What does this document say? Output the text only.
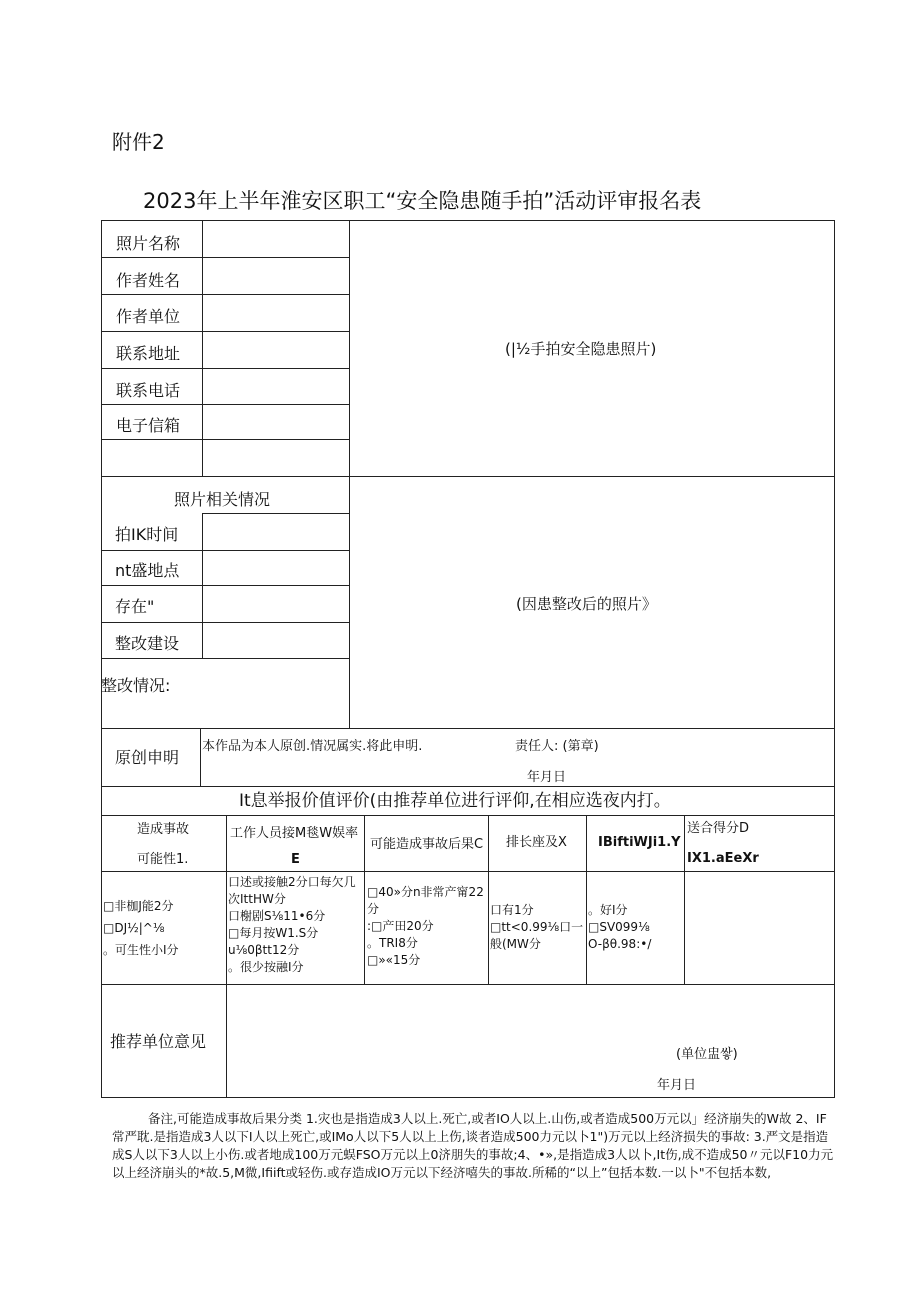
附件2
2023年上半年淮安区职工“安全隐患随手拍”活动评审报名表
照片名称
作者姓名
作者单位
联系地址
联系电话
电子信箱
(|½手拍安全隐患照片)
照片相关情况
拍IK时间
nt盛地点
存在"
整改建设
整改情况:
(因患整改后的照片》
原创申明
本作品为本人原创.情况属实.将此申明.	责任人: (第章)
年月日
It息举报价值评价(由推荐单位进行评仰,在相应选夜内打。
造成事故
可能性1.
工作人员接M毯W娱率
E
可能造成事故后果C 排长座及X IBiftiWJi1.Y
送合得分D
IX1.aEeXr
□非枷J能2分
□DJ½|^⅛
。可生性小I分
口述或接触2分口每欠几次IttHW分
口榭剧S⅛11•6分
□每月按W1.S分
u⅛0βtt12分
。很少按融I分
□40»分n非常产甯22分
:□产田20分
。TRI8分
□»«15分
口有1分
□tt<0.99⅛口一般(MW分
。好I分
□SV099⅛
O-βθ.98:•/
推荐单位意见
(单位盅쌓)
年月日
备注,可能造成事故后果分类 1.灾也是指造成3人以上.死亡,或者IO人以上.山伤,或者造成500万元以」经济崩失的W故 2、IF常严耽.是指造成3人以下I人以上死亡,或IMo人以下5人以上上伤,谈者造成500力元以卜1")万元以上经济损失的事故: 3.严文是指造成S人以下3人以上小伤.或者地成100万元蜈FSO万元以上0济朋失的事故;4、•»,是指造成3人以卜,It伤,成不造成50〃元以F10力元以上经济崩头的*故.5,M微,Ifiift或轻伤.或存造成IO万元以下经济嘻失的事故.所稀的“以上”包括本数.一以卜"不包括本数,
